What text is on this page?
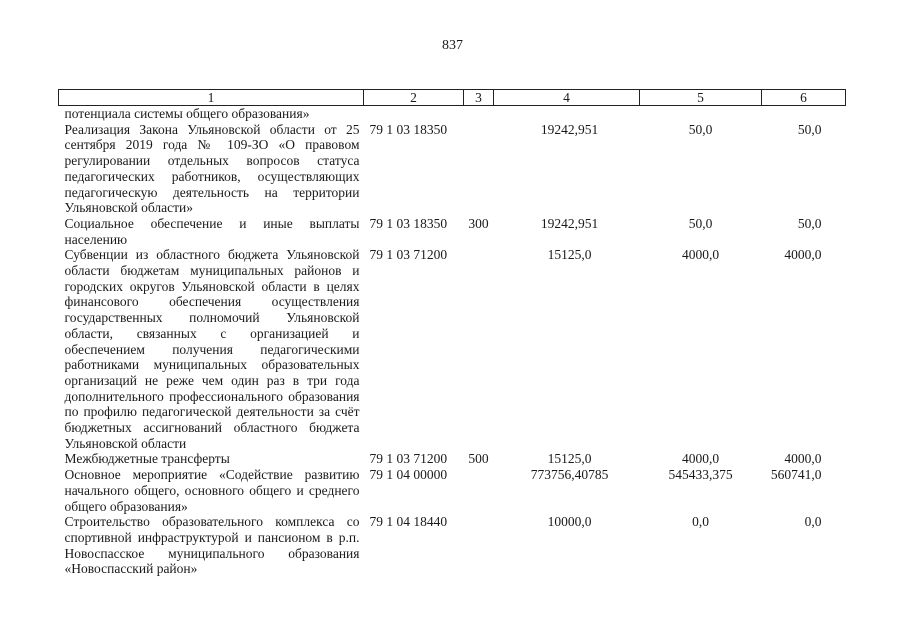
837
1	2	3	4	5	6
потенциала системы общего образования»					
Реализация Закона Ульяновской области от 25 сентября 2019 года № 109-ЗО «О правовом регулировании отдельных вопросов статуса педагогических работников, осуществляющих педагогическую деятельность на территории Ульяновской области»	79 1 03 18350		19242,951	50,0	50,0
Социальное обеспечение и иные выплаты населению	79 1 03 18350	300	19242,951	50,0	50,0
Субвенции из областного бюджета Ульяновской области бюджетам муниципальных районов и городских округов Ульяновской области в целях финансового обеспечения осуществления государственных полномочий Ульяновской области, связанных с организацией и обеспечением получения педагогическими работниками муниципальных образовательных организаций не реже чем один раз в три года дополнительного профессионального образования по профилю педагогической деятельности за счёт бюджетных ассигнований областного бюджета Ульяновской области	79 1 03 71200		15125,0	4000,0	4000,0
Межбюджетные трансферты	79 1 03 71200	500	15125,0	4000,0	4000,0
Основное мероприятие «Содействие развитию начального общего, основного общего и среднего общего образования»	79 1 04 00000		773756,40785	545433,375	560741,0
Строительство образовательного комплекса со спортивной инфраструктурой и пансионом в р.п. Новоспасское муниципального образования «Новоспасский район»	79 1 04 18440		10000,0	0,0	0,0
